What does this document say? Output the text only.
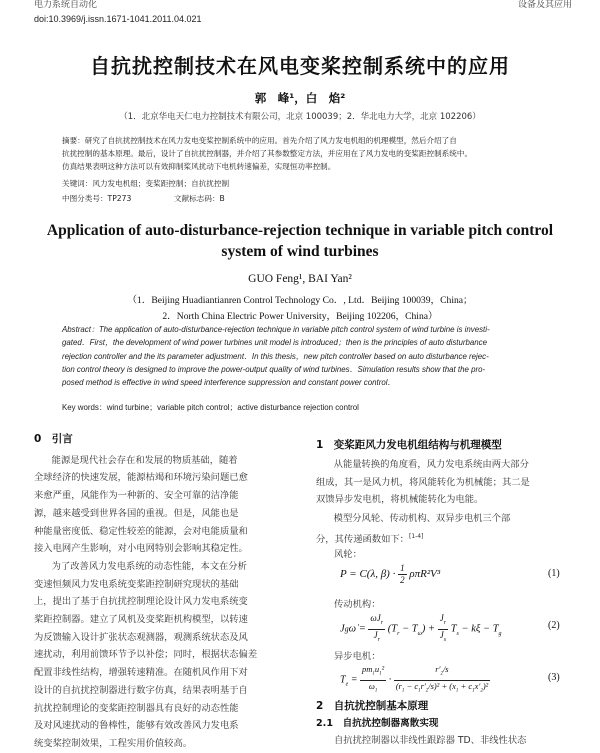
电力系统自动化	设备及其应用
doi:10.3969/j.issn.1671-1041.2011.04.021
自抗扰控制技术在风电变桨控制系统中的应用
郭　峰¹，白　焰²
（1．北京华电天仁电力控制技术有限公司，北京 100039；2．华北电力大学，北京 102206）
摘要：研究了自抗扰控制技术在风力发电变桨控制系统中的应用。首先介绍了风力发电机组的机理模型，然后介绍了自
抗扰控制的基本原理。最后，设计了自抗扰控制器，并介绍了其参数整定方法，并应用在了风力发电的变桨距控制系统中。
仿真结果表明这种方法可以有效抑制桨风扰动下电机转速偏差，实现恒功率控制。
关键词：风力发电机组；变桨距控制；自抗扰控制
中图分类号：TP273	文献标志码：B
Application of auto-disturbance-rejection technique in variable pitch control
system of wind turbines
GUO Feng¹, BAI Yan²
（1．Beijing Huadiantianren Control Technology Co．, Ltd．Beijing 100039，China；
2．North China Electric Power University，Beijing 102206，China）
Abstract：The application of auto-disturbance-rejection technique in variable pitch control system of wind turbine is investi-
gated．First，the development of wind power turbines unit model is introduced；then is the principles of auto disturbance
rejection controller and the its parameter adjustment．In this thesis，new pitch controller based on auto disturbance rejec-
tion control theory is designed to improve the power-output quality of wind turbines．Simulation results show that the pro-
posed method is effective in wind speed interference suppression and constant power control．
Key words：wind turbine；variable pitch control；active disturbance rejection control
0　引言

能源是现代社会存在和发展的物质基础，随着
全球经济的快速发展，能源枯竭和环境污染问题已愈
来愈严重，风能作为一种新的、安全可靠的洁净能
源，越来越受到世界各国的重视。但是，风能也是
种能量密度低、稳定性较差的能源，会对电能质量和
接入电网产生影响，对小电网特别会影响其稳定性。

为了改善风力发电系统的动态性能，本文在分析
变速恒频风力发电系统变桨距控制研究现状的基础
上，提出了基于自抗扰控制理论设计风力发电系统变
桨距控制器。建立了风机及变桨距机构模型，以转速
为反馈输入设计扩张状态观测器，观测系统状态及风
速扰动，利用前馈环节予以补偿；同时，根据状态偏差
配置非线性结构，增强转速精准。在随机风作用下对
设计的自抗扰控制器进行数字仿真，结果表明基于自
抗扰控制理论的变桨距控制器具有良好的动态性能
及对风速扰动的鲁棒性，能够有效改善风力发电系
统变桨控制效果，工程实用价值较高。

1　变桨距风力发电机组结构与机理模型
从能量转换的角度看，风力发电系统由两大部分
组成，其一是风力机，将风能转化为机械能；其二是
双馈异步发电机，将机械能转化为电能。
模型分风轮、传动机构、双异步电机三个部
分，其传递函数如下：[1-4]
风轮：
P = C(λ, $\beta) \cdot \frac{1}{2} \rho\pi R^2V^3$	(1)
传动机构：
Jgω̇ = $\frac{\omega J_r}{J_r} (T_r - T_\omega) + \frac{J_r}{J_s} T_s - k\xi - T_g$
(2)
异步电机：
$T_e = \frac{pm_1u_1^2}{\omega_1} \cdot \frac{r'_2/s}{(r_1 - c_1r'_2/s)^2 + (x_1 + c_1x'_2)^2}$	(3)
2　自抗扰控制基本原理
2.1　自抗扰控制器离散实现
自抗扰控制器以非线性跟踪器 TD、非线性状态
